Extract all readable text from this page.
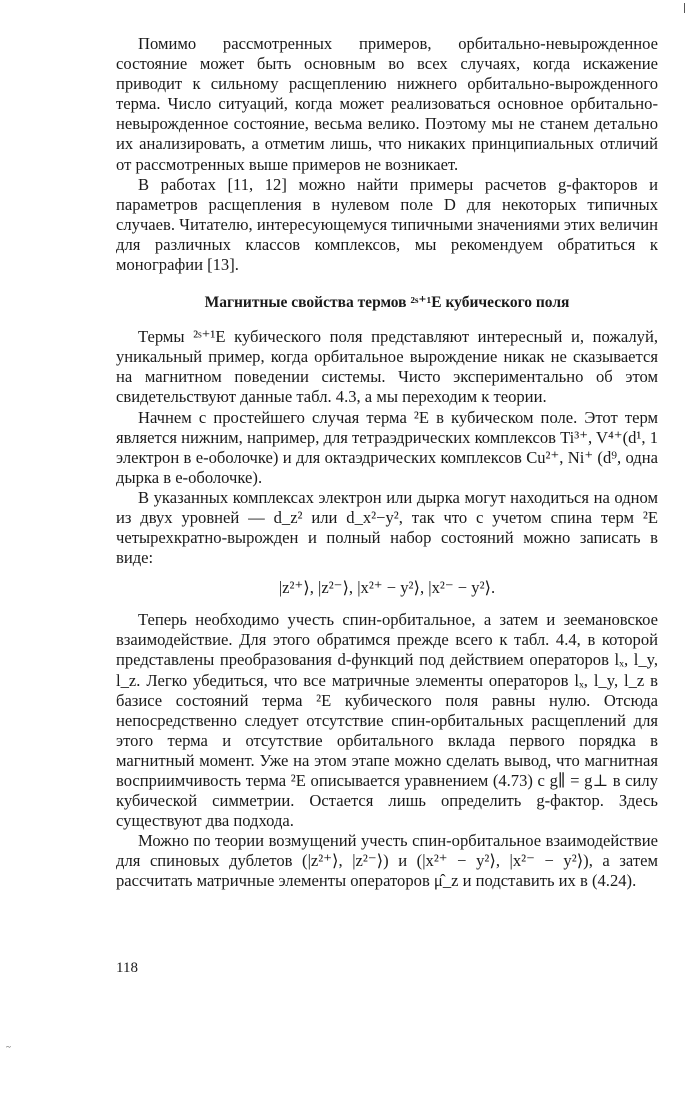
Помимо рассмотренных примеров, орбитально-невырожденное состояние может быть основным во всех случаях, когда искажение приводит к сильному расщеплению нижнего орбитально-вырожденного терма. Число ситуаций, когда может реализоваться основное орбитально-невырожденное состояние, весьма велико. Поэтому мы не станем детально их анализировать, а отметим лишь, что никаких принципиальных отличий от рассмотренных выше примеров не возникает.

В работах [11, 12] можно найти примеры расчетов g-факторов и параметров расщепления в нулевом поле D для некоторых типичных случаев. Читателю, интересующемуся типичными значениями этих величин для различных классов комплексов, мы рекомендуем обратиться к монографии [13].

Магнитные свойства термов ²ˢ⁺¹E кубического поля

Термы ²ˢ⁺¹E кубического поля представляют интересный и, пожалуй, уникальный пример, когда орбитальное вырождение никак не сказывается на магнитном поведении системы. Чисто экспериментально об этом свидетельствуют данные табл. 4.3, а мы переходим к теории.

Начнем с простейшего случая терма ²E в кубическом поле. Этот терм является нижним, например, для тетраэдрических комплексов Ti³⁺, V⁴⁺(d¹, 1 электрон в e-оболочке) и для октаэдрических комплексов Cu²⁺, Ni⁺ (d⁹, одна дырка в e-оболочке).

В указанных комплексах электрон или дырка могут находиться на одном из двух уровней — d_z² или d_x²−y², так что с учетом спина терм ²E четырехкратно-вырожден и полный набор состояний можно записать в виде:

|z²⁺⟩, |z²⁻⟩, |x²⁺ − y²⟩, |x²⁻ − y²⟩.

Теперь необходимо учесть спин-орбитальное, а затем и зеемановское взаимодействие. Для этого обратимся прежде всего к табл. 4.4, в которой представлены преобразования d-функций под действием операторов lₓ, l_y, l_z. Легко убедиться, что все матричные элементы операторов lₓ, l_y, l_z в базисе состояний терма ²E кубического поля равны нулю. Отсюда непосредственно следует отсутствие спин-орбитальных расщеплений для этого терма и отсутствие орбитального вклада первого порядка в магнитный момент. Уже на этом этапе можно сделать вывод, что магнитная восприимчивость терма ²E описывается уравнением (4.73) с g∥ = g⊥ в силу кубической симметрии. Остается лишь определить g-фактор. Здесь существуют два подхода.

Можно по теории возмущений учесть спин-орбитальное взаимодействие для спиновых дублетов (|z²⁺⟩, |z²⁻⟩) и (|x²⁺ − y²⟩, |x²⁻ − y²⟩), а затем рассчитать матричные элементы операторов μ̂_z и подставить их в (4.24).

118
~
